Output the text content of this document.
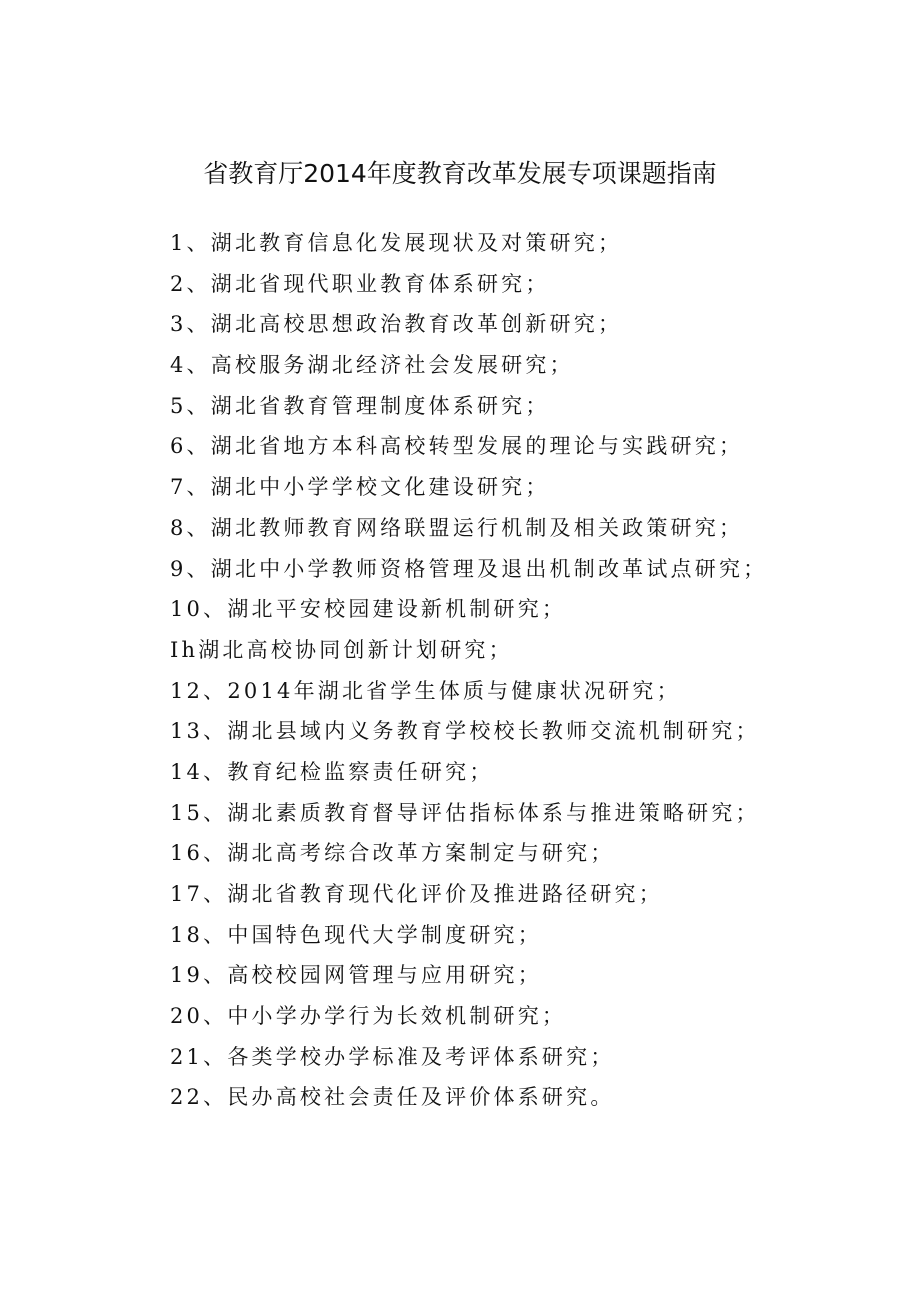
省教育厅2014年度教育改革发展专项课题指南
1、湖北教育信息化发展现状及对策研究；
2、湖北省现代职业教育体系研究；
3、湖北高校思想政治教育改革创新研究；
4、高校服务湖北经济社会发展研究；
5、湖北省教育管理制度体系研究；
6、湖北省地方本科高校转型发展的理论与实践研究；
7、湖北中小学学校文化建设研究；
8、湖北教师教育网络联盟运行机制及相关政策研究；
9、湖北中小学教师资格管理及退出机制改革试点研究；
10、湖北平安校园建设新机制研究；
Ih湖北高校协同创新计划研究；
12、2014年湖北省学生体质与健康状况研究；
13、湖北县域内义务教育学校校长教师交流机制研究；
14、教育纪检监察责任研究；
15、湖北素质教育督导评估指标体系与推进策略研究；
16、湖北高考综合改革方案制定与研究；
17、湖北省教育现代化评价及推进路径研究；
18、中国特色现代大学制度研究；
19、高校校园网管理与应用研究；
20、中小学办学行为长效机制研究；
21、各类学校办学标准及考评体系研究；
22、民办高校社会责任及评价体系研究。
